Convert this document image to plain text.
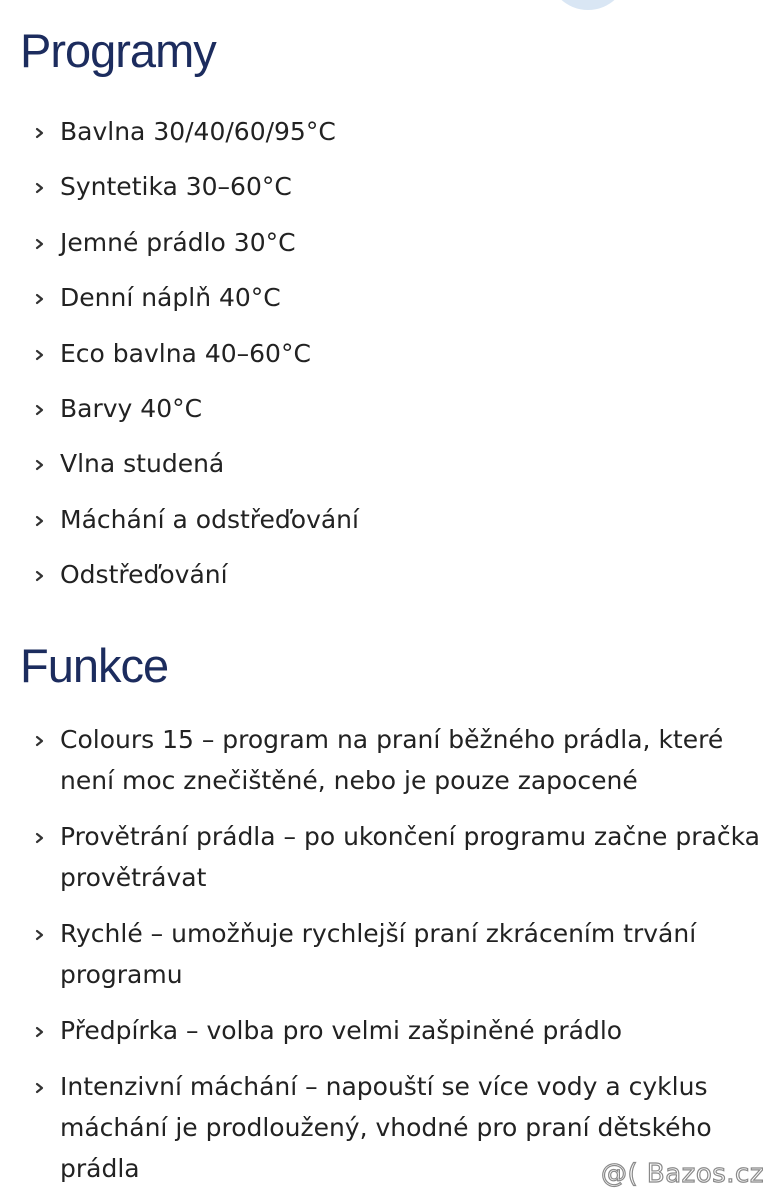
Programy
Bavlna 30/40/60/95°C
Syntetika 30–60°C
Jemné prádlo 30°C
Denní náplň 40°C
Eco bavlna 40–60°C
Barvy 40°C
Vlna studená
Máchání a odstřeďování
Odstřeďování
Funkce
Colours 15 – program na praní běžného prádla, které není moc znečištěné, nebo je pouze zapocené
Provětrání prádla – po ukončení programu začne pračka provětrávat
Rychlé – umožňuje rychlejší praní zkrácením trvání programu
Předpírka – volba pro velmi zašpiněné prádlo
Intenzivní máchání – napouští se více vody a cyklus máchání je prodloužený, vhodné pro praní dětského prádla	@( Bazos.cz
